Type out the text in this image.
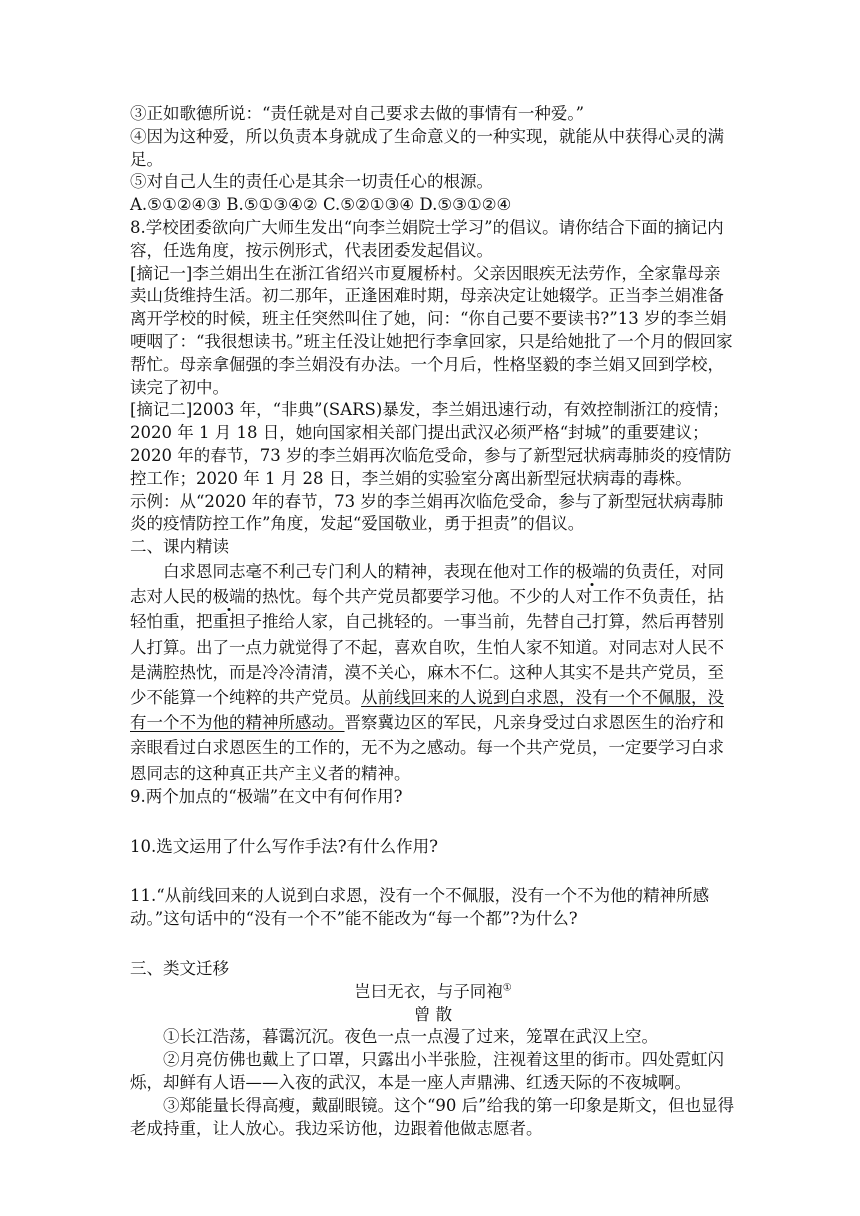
③正如歌德所说：“责任就是对自己要求去做的事情有一种爱。”

④因为这种爱，所以负责本身就成了生命意义的一种实现，就能从中获得心灵的满足。

⑤对自己人生的责任心是其余一切责任心的根源。

A.⑤①②④③ B.⑤①③④② C.⑤②①③④ D.⑤③①②④

8.学校团委欲向广大师生发出“向李兰娟院士学习”的倡议。请你结合下面的摘记内容，任选角度，按示例形式，代表团委发起倡议。

[摘记一]李兰娟出生在浙江省绍兴市夏履桥村。父亲因眼疾无法劳作，全家靠母亲卖山货维持生活。初二那年，正逢困难时期，母亲决定让她辍学。正当李兰娟准备离开学校的时候，班主任突然叫住了她，问：“你自己要不要读书?”13 岁的李兰娟哽咽了：“我很想读书。”班主任没让她把行李拿回家，只是给她批了一个月的假回家帮忙。母亲拿倔强的李兰娟没有办法。一个月后，性格坚毅的李兰娟又回到学校，读完了初中。

[摘记二]2003 年，“非典”(SARS)暴发，李兰娟迅速行动，有效控制浙江的疫情；2020 年 1 月 18 日，她向国家相关部门提出武汉必须严格“封城”的重要建议；2020 年的春节，73 岁的李兰娟再次临危受命，参与了新型冠状病毒肺炎的疫情防控工作；2020 年 1 月 28 日，李兰娟的实验室分离出新型冠状病毒的毒株。

示例：从“2020 年的春节，73 岁的李兰娟再次临危受命，参与了新型冠状病毒肺炎的疫情防控工作”角度，发起“爱国敬业，勇于担责”的倡议。

二、课内精读

白求恩同志毫不利己专门利人的精神，表现在他对工作的极端的负责任，对同志对人民的极端的热忱。每个共产党员都要学习他。不少的人对工作不负责任，拈轻怕重，把重担子推给人家，自己挑轻的。一事当前，先替自己打算，然后再替别人打算。出了一点力就觉得了不起，喜欢自吹，生怕人家不知道。对同志对人民不是满腔热忱，而是冷冷清清，漠不关心，麻木不仁。这种人其实不是共产党员，至少不能算一个纯粹的共产党员。从前线回来的人说到白求恩，没有一个不佩服，没有一个不为他的精神所感动。晋察冀边区的军民，凡亲身受过白求恩医生的治疗和亲眼看过白求恩医生的工作的，无不为之感动。每一个共产党员，一定要学习白求恩同志的这种真正共产主义者的精神。

9.两个加点的“极端”在文中有何作用?

10.选文运用了什么写作手法?有什么作用?

11.“从前线回来的人说到白求恩，没有一个不佩服，没有一个不为他的精神所感动。”这句话中的“没有一个不”能不能改为“每一个都”?为什么?

三、类文迁移

岂曰无衣，与子同袍①

曾 散

①长江浩荡，暮霭沉沉。夜色一点一点漫了过来，笼罩在武汉上空。

②月亮仿佛也戴上了口罩，只露出小半张脸，注视着这里的街市。四处霓虹闪烁，却鲜有人语——入夜的武汉，本是一座人声鼎沸、红透天际的不夜城啊。

③郑能量长得高瘦，戴副眼镜。这个“90 后”给我的第一印象是斯文，但也显得老成持重，让人放心。我边采访他，边跟着他做志愿者。
